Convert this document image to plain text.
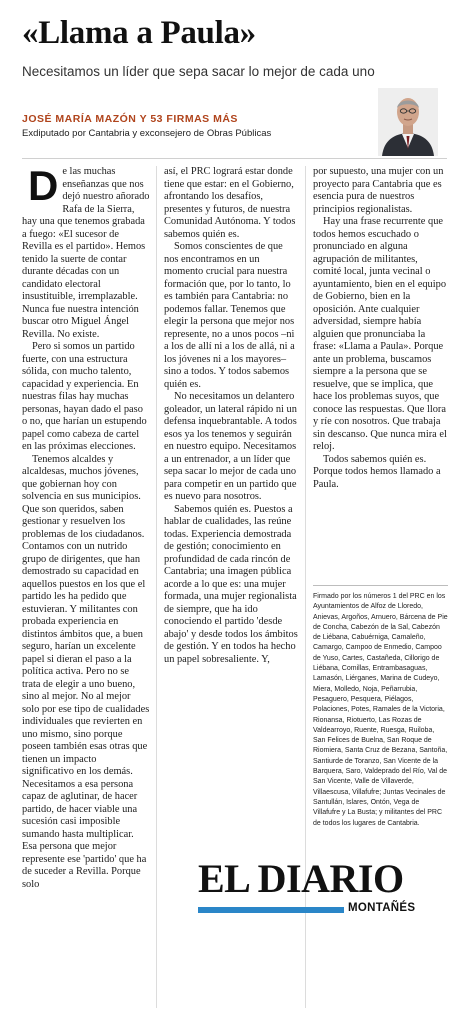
«Llama a Paula»

Necesitamos un líder que sepa sacar lo mejor de cada uno

JOSÉ MARÍA MAZÓN Y 53 FIRMAS MÁS
Exdiputado por Cantabria y exconsejero de Obras Públicas
D e las muchas enseñanzas que nos dejó nuestro añorado Rafa de la Sierra, hay una que tenemos grabada a fuego: «El sucesor de Revilla es el partido». Hemos tenido la suerte de contar durante décadas con un candidato electoral insustituible, irremplazable. Nunca fue nuestra intención buscar otro Miguel Ángel Revilla. No existe.

Pero si somos un partido fuerte, con una estructura sólida, con mucho talento, capacidad y experiencia. En nuestras filas hay muchas personas, hayan dado el paso o no, que harían un estupendo papel como cabeza de cartel en las próximas elecciones.

Tenemos alcaldes y alcaldesas, muchos jóvenes, que gobiernan hoy con solvencia en sus municipios. Que son queridos, saben gestionar y resuelven los problemas de los ciudadanos. Contamos con un nutrido grupo de dirigentes, que han demostrado su capacidad en aquellos puestos en los que el partido les ha pedido que estuvieran. Y militantes con probada experiencia en distintos ámbitos que, a buen seguro, harían un excelente papel si dieran el paso a la política activa. Pero no se trata de elegir a uno bueno, sino al mejor. No al mejor solo por ese tipo de cualidades individuales que revierten en uno mismo, sino porque poseen también esas otras que tienen un impacto significativo en los demás. Necesitamos a esa persona capaz de aglutinar, de hacer partido, de hacer viable una sucesión casi imposible sumando hasta multiplicar. Esa persona que mejor represente ese 'partido' que ha de suceder a Revilla. Porque solo

así, el PRC logrará estar donde tiene que estar: en el Gobierno, afrontando los desafíos, presentes y futuros, de nuestra Comunidad Autónoma. Y todos sabemos quién es.

Somos conscientes de que nos encontramos en un momento crucial para nuestra formación que, por lo tanto, lo es también para Cantabria: no podemos fallar. Tenemos que elegir la persona que mejor nos represente, no a unos pocos –ni a los de allí ni a los de allá, ni a los jóvenes ni a los mayores– sino a todos. Y todos sabemos quién es.

No necesitamos un delantero goleador, un lateral rápido ni un defensa inquebrantable. A todos esos ya los tenemos y seguirán en nuestro equipo. Necesitamos a un entrenador, a un líder que sepa sacar lo mejor de cada uno para competir en un partido que es nuevo para nosotros.

Sabemos quién es. Puestos a hablar de cualidades, las reúne todas. Experiencia demostrada de gestión; conocimiento en profundidad de cada rincón de Cantabria; una imagen pública acorde a lo que es: una mujer formada, una mujer regionalista de siempre, que ha ido conociendo el partido 'desde abajo' y desde todos los ámbitos de gestión. Y en todos ha hecho un papel sobresaliente. Y,

por supuesto, una mujer con un proyecto para Cantabria que es esencia pura de nuestros principios regionalistas.

Hay una frase recurrente que todos hemos escuchado o pronunciado en alguna agrupación de militantes, comité local, junta vecinal o ayuntamiento, bien en el equipo de Gobierno, bien en la oposición. Ante cualquier adversidad, siempre había alguien que pronunciaba la frase: «Llama a Paula». Porque ante un problema, buscamos siempre a la persona que se resuelve, que se implica, que hace los problemas suyos, que conoce las respuestas. Que llora y ríe con nosotros. Que trabaja sin descanso. Que nunca mira el reloj.

Todos sabemos quién es. Porque todos hemos llamado a Paula.

Firmado por los números 1 del PRC en los Ayuntamientos de Alfoz de Lloredo, Anievas, Argoños, Arnuero, Bárcena de Pie de Concha, Cabezón de la Sal, Cabezón de Liébana, Cabuérniga, Camaleño, Camargo, Campoo de Enmedio, Campoo de Yuso, Cartes, Castañeda, Cillorigo de Liébana, Comillas, Entrambasaguas, Lamasón, Liérganes, Marina de Cudeyo, Miera, Molledo, Noja, Peñarrubia, Pesaguero, Pesquera, Piélagos, Polaciones, Potes, Ramales de la Victoria, Rionansa, Riotuerto, Las Rozas de Valdearroyo, Ruente, Ruesga, Ruiloba, San Felices de Buelna, San Roque de Riomiera, Santa Cruz de Bezana, Santoña, Santiurde de Toranzo, San Vicente de la Barquera, Saro, Valdeprado del Río, Val de San Vicente, Valle de Villaverde, Villaescusa, Villafufre; Juntas Vecinales de Santullán, Islares, Ontón, Vega de Villafufre y La Busta; y militantes del PRC de todos los lugares de Cantabria.
EL DIARIO
MONTAÑÉS
